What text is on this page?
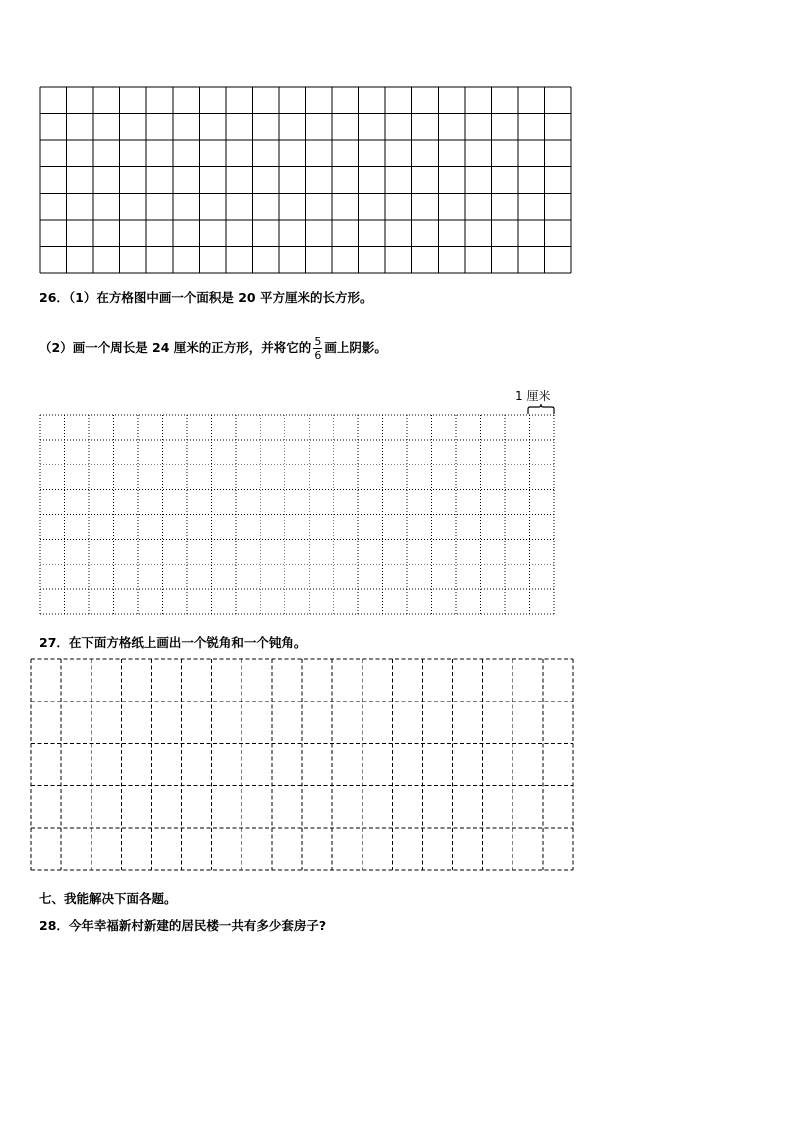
26．（1）在方格图中画一个面积是 20 平方厘米的长方形。
（2）画一个周长是 24 厘米的正方形，并将它的 $\frac{5}{6}$ 画上阴影。
1 厘米
27．在下面方格纸上画出一个锐角和一个钝角。
七、我能解决下面各题。
28．今年幸福新村新建的居民楼一共有多少套房子?
